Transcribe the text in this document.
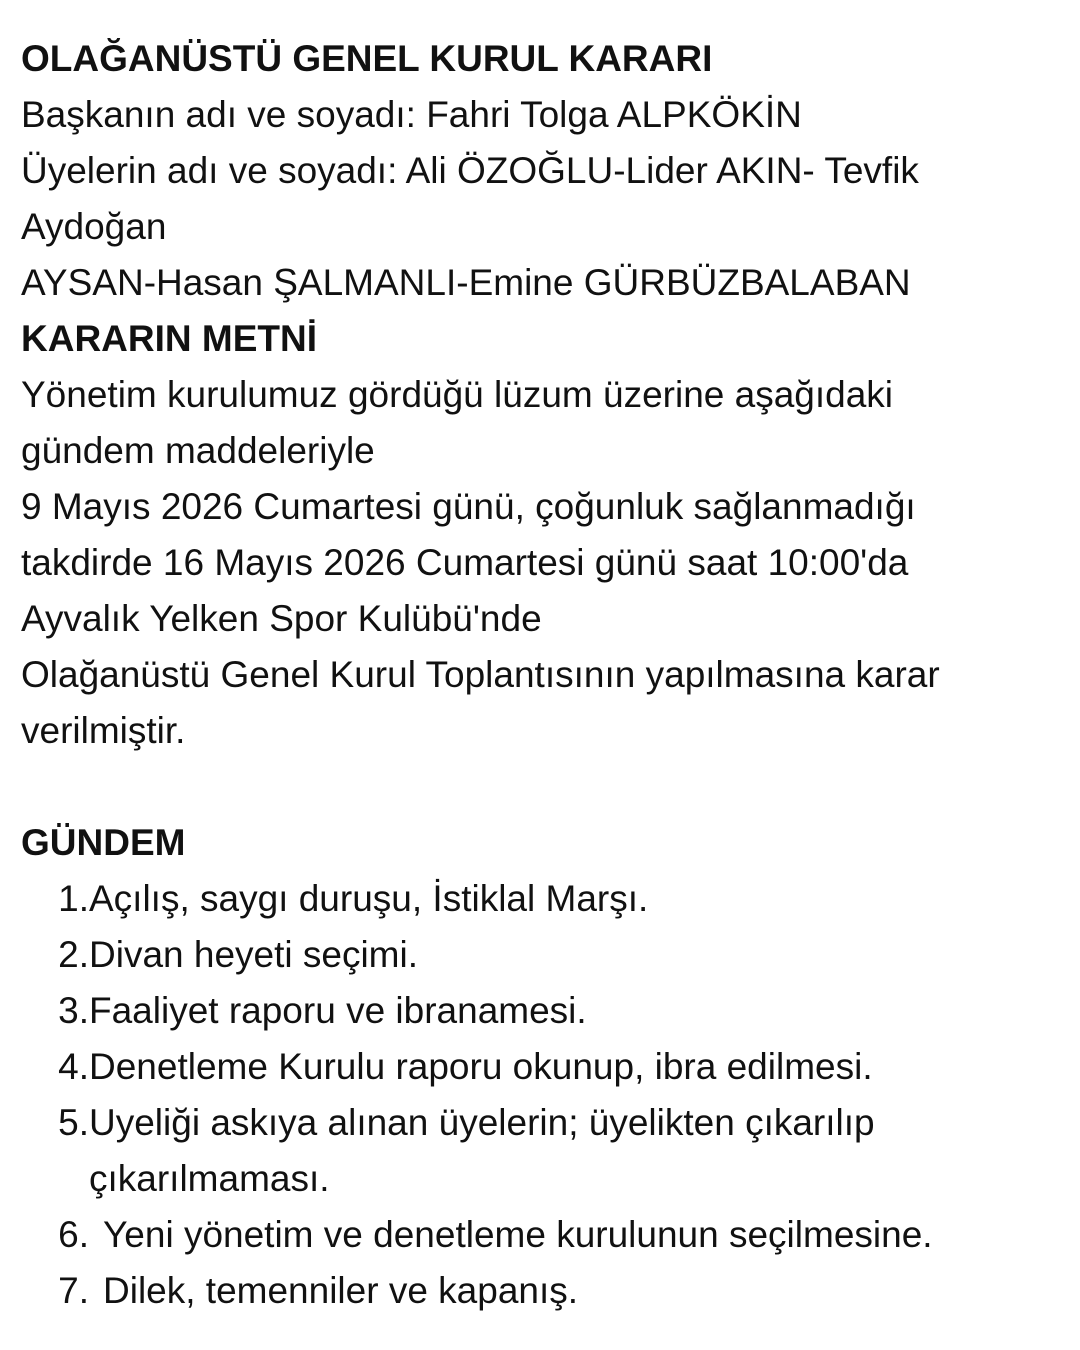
OLAĞANÜSTÜ GENEL KURUL KARARI
Başkanın adı ve soyadı: Fahri Tolga ALPKÖKİN
Üyelerin adı ve soyadı: Ali ÖZOĞLU-Lider AKIN- Tevfik
Aydoğan
AYSAN-Hasan ŞALMANLI-Emine GÜRBÜZBALABAN
KARARIN METNİ
Yönetim kurulumuz gördüğü lüzum üzerine aşağıdaki
gündem maddeleriyle
9 Mayıs 2026 Cumartesi günü, çoğunluk sağlanmadığı
takdirde 16 Mayıs 2026 Cumartesi günü saat 10:00'da
Ayvalık Yelken Spor Kulübü'nde
Olağanüstü Genel Kurul Toplantısının yapılmasına karar
verilmiştir.
GÜNDEM
1. Açılış, saygı duruşu, İstiklal Marşı.
2. Divan heyeti seçimi.
3. Faaliyet raporu ve ibranamesi.
4. Denetleme Kurulu raporu okunup, ibra edilmesi.
5. Uyeliği askıya alınan üyelerin; üyelikten çıkarılıp
çıkarılmaması.
6. Yeni yönetim ve denetleme kurulunun seçilmesine.
7. Dilek, temenniler ve kapanış.
